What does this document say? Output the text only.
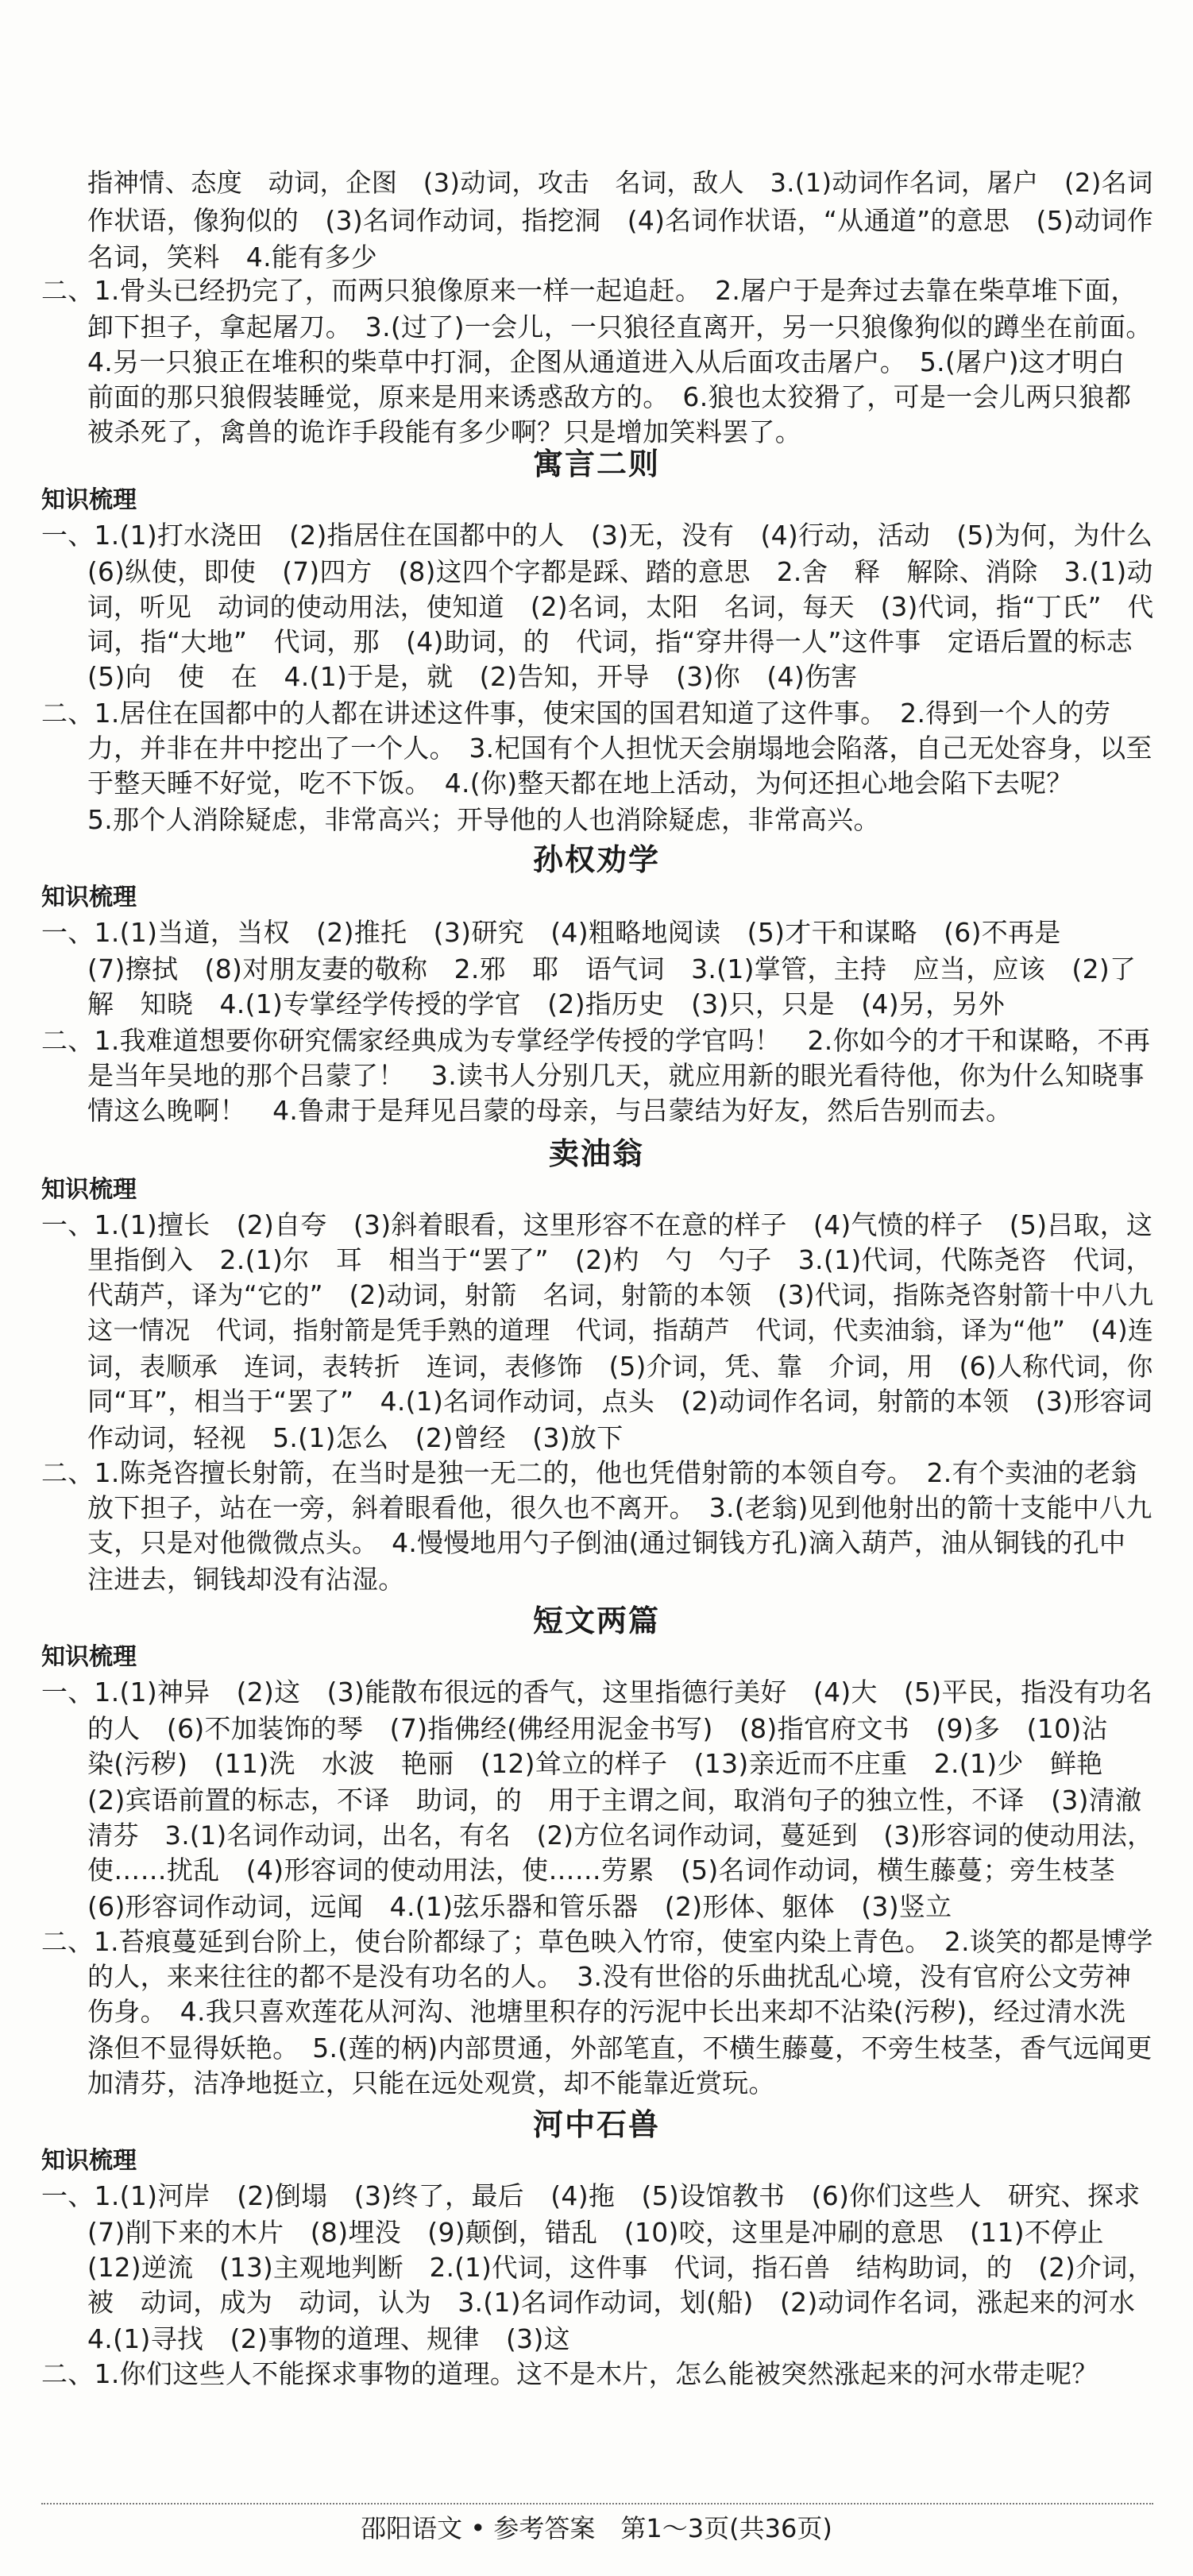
指神情、态度　动词，企图　(3)动词，攻击　名词，敌人　3.(1)动词作名词，屠户　(2)名词
作状语，像狗似的　(3)名词作动词，指挖洞　(4)名词作状语，“从通道”的意思　(5)动词作
名词，笑料　4.能有多少
二、1.骨头已经扔完了，而两只狼像原来一样一起追赶。　2.屠户于是奔过去靠在柴草堆下面，
卸下担子，拿起屠刀。　3.(过了)一会儿，一只狼径直离开，另一只狼像狗似的蹲坐在前面。
4.另一只狼正在堆积的柴草中打洞，企图从通道进入从后面攻击屠户。　5.(屠户)这才明白
前面的那只狼假装睡觉，原来是用来诱惑敌方的。　6.狼也太狡猾了，可是一会儿两只狼都
被杀死了，禽兽的诡诈手段能有多少啊？只是增加笑料罢了。
寓言二则
知识梳理
一、1.(1)打水浇田　(2)指居住在国都中的人　(3)无，没有　(4)行动，活动　(5)为何，为什么
(6)纵使，即使　(7)四方　(8)这四个字都是踩、踏的意思　2.舍　释　解除、消除　3.(1)动
词，听见　动词的使动用法，使知道　(2)名词，太阳　名词，每天　(3)代词，指“丁氏”　代
词，指“大地”　代词，那　(4)助词，的　代词，指“穿井得一人”这件事　定语后置的标志
(5)向　使　在　4.(1)于是，就　(2)告知，开导　(3)你　(4)伤害
二、1.居住在国都中的人都在讲述这件事，使宋国的国君知道了这件事。　2.得到一个人的劳
力，并非在井中挖出了一个人。　3.杞国有个人担忧天会崩塌地会陷落，自己无处容身，以至
于整天睡不好觉，吃不下饭。　4.(你)整天都在地上活动，为何还担心地会陷下去呢？
5.那个人消除疑虑，非常高兴；开导他的人也消除疑虑，非常高兴。
孙权劝学
知识梳理
一、1.(1)当道，当权　(2)推托　(3)研究　(4)粗略地阅读　(5)才干和谋略　(6)不再是
(7)擦拭　(8)对朋友妻的敬称　2.邪　耶　语气词　3.(1)掌管，主持　应当，应该　(2)了
解　知晓　4.(1)专掌经学传授的学官　(2)指历史　(3)只，只是　(4)另，另外
二、1.我难道想要你研究儒家经典成为专掌经学传授的学官吗！　2.你如今的才干和谋略，不再
是当年吴地的那个吕蒙了！　3.读书人分别几天，就应用新的眼光看待他，你为什么知晓事
情这么晚啊！　4.鲁肃于是拜见吕蒙的母亲，与吕蒙结为好友，然后告别而去。
卖油翁
知识梳理
一、1.(1)擅长　(2)自夸　(3)斜着眼看，这里形容不在意的样子　(4)气愤的样子　(5)吕取，这
里指倒入　2.(1)尔　耳　相当于“罢了”　(2)杓　勺　勺子　3.(1)代词，代陈尧咨　代词，
代葫芦，译为“它的”　(2)动词，射箭　名词，射箭的本领　(3)代词，指陈尧咨射箭十中八九
这一情况　代词，指射箭是凭手熟的道理　代词，指葫芦　代词，代卖油翁，译为“他”　(4)连
词，表顺承　连词，表转折　连词，表修饰　(5)介词，凭、靠　介词，用　(6)人称代词，你
同“耳”，相当于“罢了”　4.(1)名词作动词，点头　(2)动词作名词，射箭的本领　(3)形容词
作动词，轻视　5.(1)怎么　(2)曾经　(3)放下
二、1.陈尧咨擅长射箭，在当时是独一无二的，他也凭借射箭的本领自夸。　2.有个卖油的老翁
放下担子，站在一旁，斜着眼看他，很久也不离开。　3.(老翁)见到他射出的箭十支能中八九
支，只是对他微微点头。　4.慢慢地用勺子倒油(通过铜钱方孔)滴入葫芦，油从铜钱的孔中
注进去，铜钱却没有沾湿。
短文两篇
知识梳理
一、1.(1)神异　(2)这　(3)能散布很远的香气，这里指德行美好　(4)大　(5)平民，指没有功名
的人　(6)不加装饰的琴　(7)指佛经(佛经用泥金书写)　(8)指官府文书　(9)多　(10)沾
染(污秽)　(11)洗　水波　艳丽　(12)耸立的样子　(13)亲近而不庄重　2.(1)少　鲜艳
(2)宾语前置的标志，不译　助词，的　用于主谓之间，取消句子的独立性，不译　(3)清澈
清芬　3.(1)名词作动词，出名，有名　(2)方位名词作动词，蔓延到　(3)形容词的使动用法，
使……扰乱　(4)形容词的使动用法，使……劳累　(5)名词作动词，横生藤蔓；旁生枝茎
(6)形容词作动词，远闻　4.(1)弦乐器和管乐器　(2)形体、躯体　(3)竖立
二、1.苔痕蔓延到台阶上，使台阶都绿了；草色映入竹帘，使室内染上青色。　2.谈笑的都是博学
的人，来来往往的都不是没有功名的人。　3.没有世俗的乐曲扰乱心境，没有官府公文劳神
伤身。　4.我只喜欢莲花从河沟、池塘里积存的污泥中长出来却不沾染(污秽)，经过清水洗
涤但不显得妖艳。　5.(莲的柄)内部贯通，外部笔直，不横生藤蔓，不旁生枝茎，香气远闻更
加清芬，洁净地挺立，只能在远处观赏，却不能靠近赏玩。
河中石兽
知识梳理
一、1.(1)河岸　(2)倒塌　(3)终了，最后　(4)拖　(5)设馆教书　(6)你们这些人　研究、探求
(7)削下来的木片　(8)埋没　(9)颠倒，错乱　(10)咬，这里是冲刷的意思　(11)不停止
(12)逆流　(13)主观地判断　2.(1)代词，这件事　代词，指石兽　结构助词，的　(2)介词，
被　动词，成为　动词，认为　3.(1)名词作动词，划(船)　(2)动词作名词，涨起来的河水
4.(1)寻找　(2)事物的道理、规律　(3)这
二、1.你们这些人不能探求事物的道理。这不是木片，怎么能被突然涨起来的河水带走呢？
邵阳语文 • 参考答案　第1～3页(共36页)
